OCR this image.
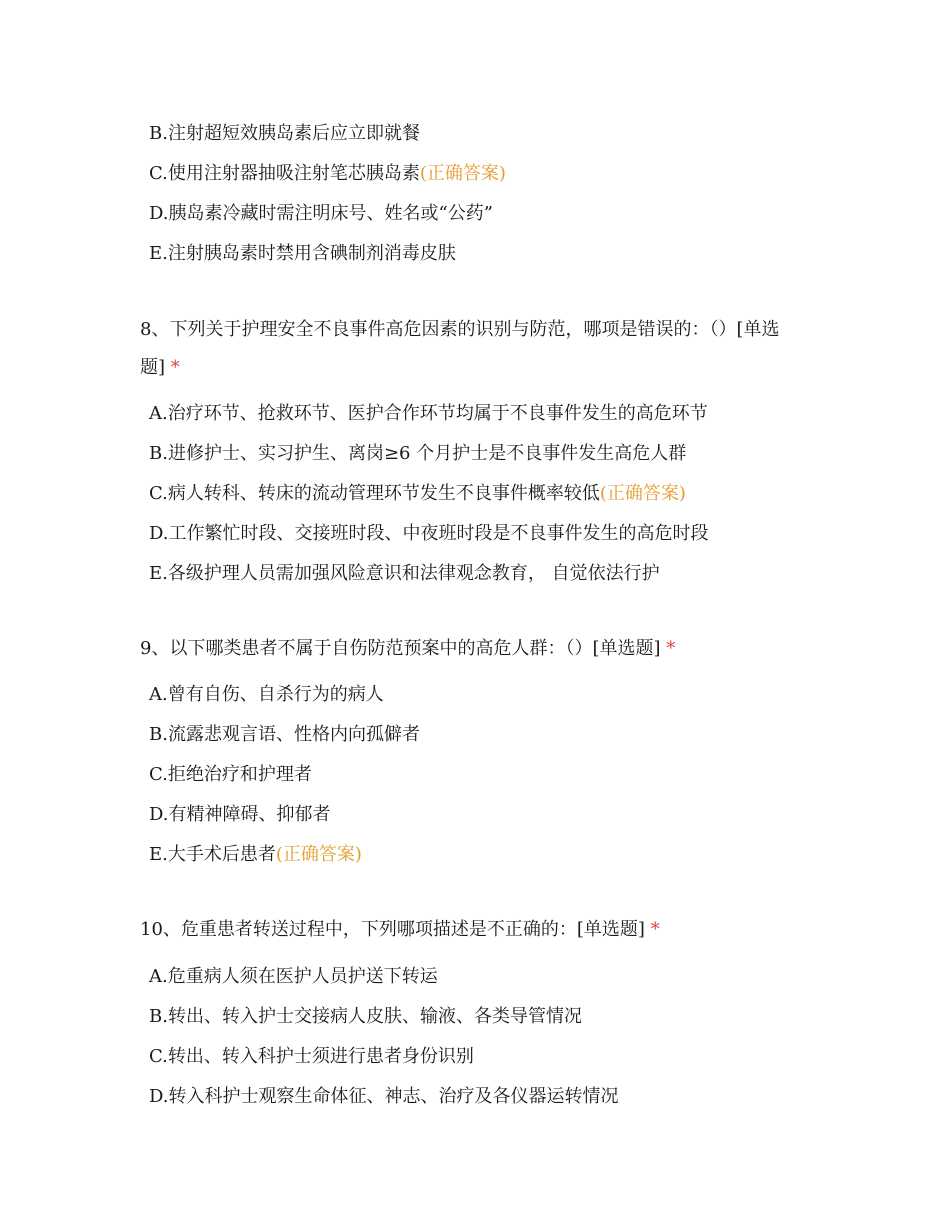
B.注射超短效胰岛素后应立即就餐
C.使用注射器抽吸注射笔芯胰岛素(正确答案)
D.胰岛素冷藏时需注明床号、姓名或“公药”
E.注射胰岛素时禁用含碘制剂消毒皮肤
8、下列关于护理安全不良事件高危因素的识别与防范，哪项是错误的：（）[单选题] *
A.治疗环节、抢救环节、医护合作环节均属于不良事件发生的高危环节
B.进修护士、实习护生、离岗≥6 个月护士是不良事件发生高危人群
C.病人转科、转床的流动管理环节发生不良事件概率较低(正确答案)
D.工作繁忙时段、交接班时段、中夜班时段是不良事件发生的高危时段
E.各级护理人员需加强风险意识和法律观念教育， 自觉依法行护
9、以下哪类患者不属于自伤防范预案中的高危人群：（）[单选题] *
A.曾有自伤、自杀行为的病人
B.流露悲观言语、性格内向孤僻者
C.拒绝治疗和护理者
D.有精神障碍、抑郁者
E.大手术后患者(正确答案)
10、危重患者转送过程中，下列哪项描述是不正确的：[单选题] *
A.危重病人须在医护人员护送下转运
B.转出、转入护士交接病人皮肤、输液、各类导管情况
C.转出、转入科护士须进行患者身份识别
D.转入科护士观察生命体征、神志、治疗及各仪器运转情况
